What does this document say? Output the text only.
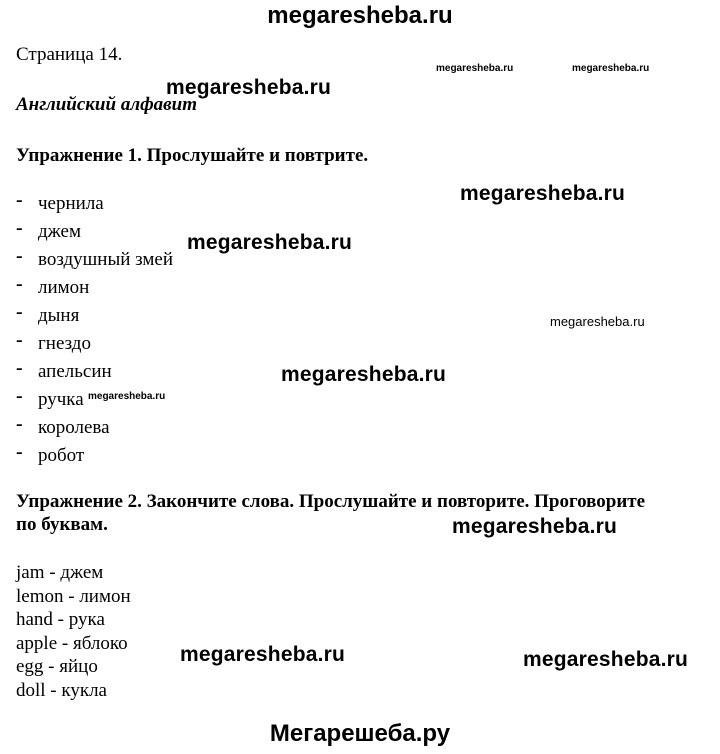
megaresheba.ru
Страница 14.
Английский алфавит
Упражнение 1. Прослушайте и повтрите.
- чернила
- джем
- воздушный змей
- лимон
- дыня
- гнездо
- апельсин
- ручка
- королева
- робот
Упражнение 2. Закончите слова. Прослушайте и повторите. Проговорите
по буквам.
jam - джем
lemon - лимон
hand - рука
apple - яблоко
egg - яйцо
doll - кукла
megaresheba.ru	megaresheba.ru
megaresheba.ru
megaresheba.ru
megaresheba.ru
megaresheba.ru
megaresheba.ru
megaresheba.ru
megaresheba.ru
megaresheba.ru	megaresheba.ru
Мегарешеба.ру
